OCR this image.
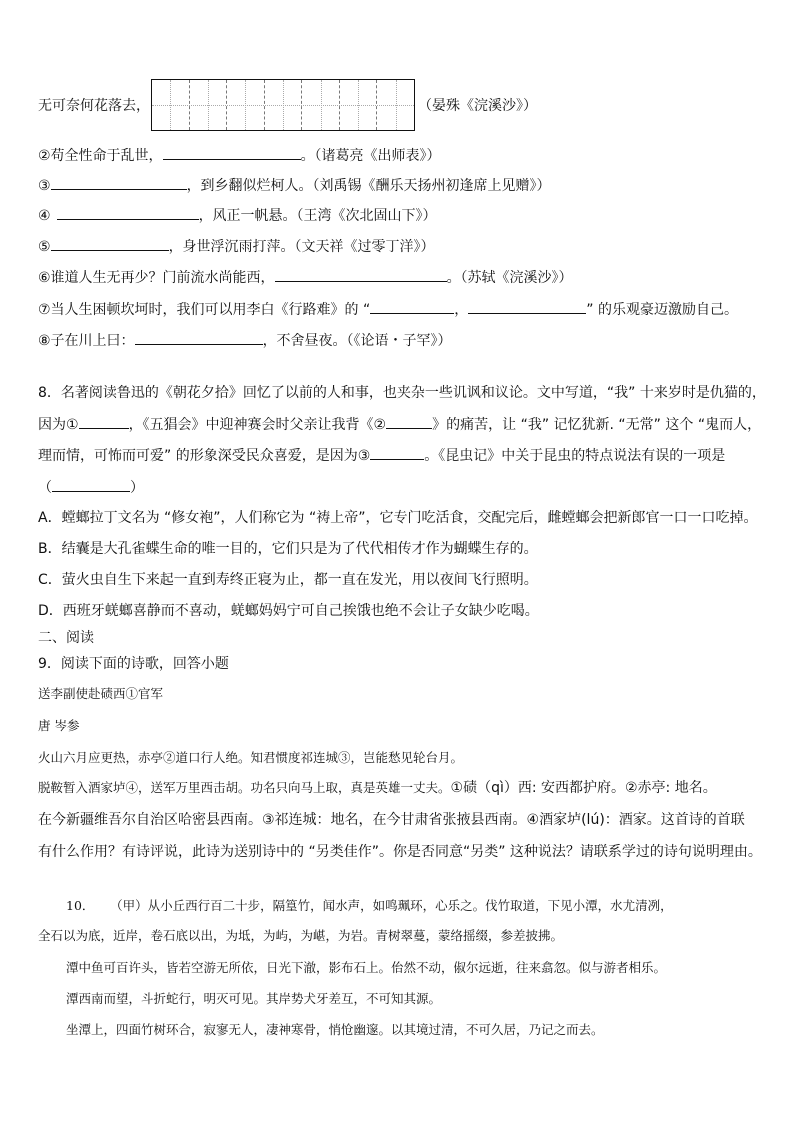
无可奈何花落去，	（晏殊《浣溪沙》）
②苟全性命于乱世，	。（诸葛亮《出师表》）
③	，到乡翻似烂柯人。（刘禹锡《酬乐天扬州初逢席上见赠》）
④	，风正一帆悬。（王湾《次北固山下》）
⑤	，身世浮沉雨打萍。（文天祥《过零丁洋》）
⑥谁道人生无再少？门前流水尚能西，	。（苏轼《浣溪沙》）
⑦当人生困顿坎坷时，我们可以用李白《行路难》的 “	，	” 的乐观豪迈激励自己。
⑧子在川上曰：	，不舍昼夜。（《论语・子罕》）
8．名著阅读鲁迅的《朝花夕拾》回忆了以前的人和事，也夹杂一些讥讽和议论。文中写道，“我” 十来岁时是仇猫的，
因为①	，《五猖会》中迎神赛会时父亲让我背《②	》的痛苦，让 “我” 记忆犹新. “无常” 这个 “鬼而人，
理而情，可怖而可爱” 的形象深受民众喜爱，是因为③	。《昆虫记》中关于昆虫的特点说法有误的一项是
（	）
A．螳螂拉丁文名为 “修女袍”，人们称它为 “祷上帝”，它专门吃活食，交配完后，雌螳螂会把新郎官一口一口吃掉。
B．结囊是大孔雀蝶生命的唯一目的，它们只是为了代代相传才作为蝴蝶生存的。
C．萤火虫自生下来起一直到寿终正寝为止，都一直在发光，用以夜间飞行照明。
D．西班牙蜣螂喜静而不喜动，蜣螂妈妈宁可自己挨饿也绝不会让子女缺少吃喝。
二、阅读
9．阅读下面的诗歌，回答小题
送李副使赴碛西①官军
唐 岑参
火山六月应更热，赤亭②道口行人绝。知君惯度祁连城③，岂能愁见轮台月。
脱鞍暂入酒家垆④，送军万里西击胡。功名只向马上取，真是英雄一丈夫。①碛（qì）西: 安西都护府。②赤亭: 地名。
在今新疆维吾尔自治区哈密县西南。③祁连城：地名，在今甘肃省张掖县西南。④酒家垆(lú)：酒家。这首诗的首联
有什么作用？有诗评说，此诗为送别诗中的 “另类佳作”。你是否同意“另类” 这种说法？请联系学过的诗句说明理由。
10． （甲）从小丘西行百二十步，隔篁竹，闻水声，如鸣珮环，心乐之。伐竹取道，下见小潭，水尤清冽，
全石以为底，近岸，卷石底以出，为坻，为屿，为嵁，为岩。青树翠蔓，蒙络摇缀，参差披拂。
潭中鱼可百许头，皆若空游无所依，日光下澈，影布石上。佁然不动，俶尔远逝，往来翕忽。似与游者相乐。
潭西南而望，斗折蛇行，明灭可见。其岸势犬牙差互，不可知其源。
坐潭上，四面竹树环合，寂寥无人，凄神寒骨，悄怆幽邃。以其境过清，不可久居，乃记之而去。
